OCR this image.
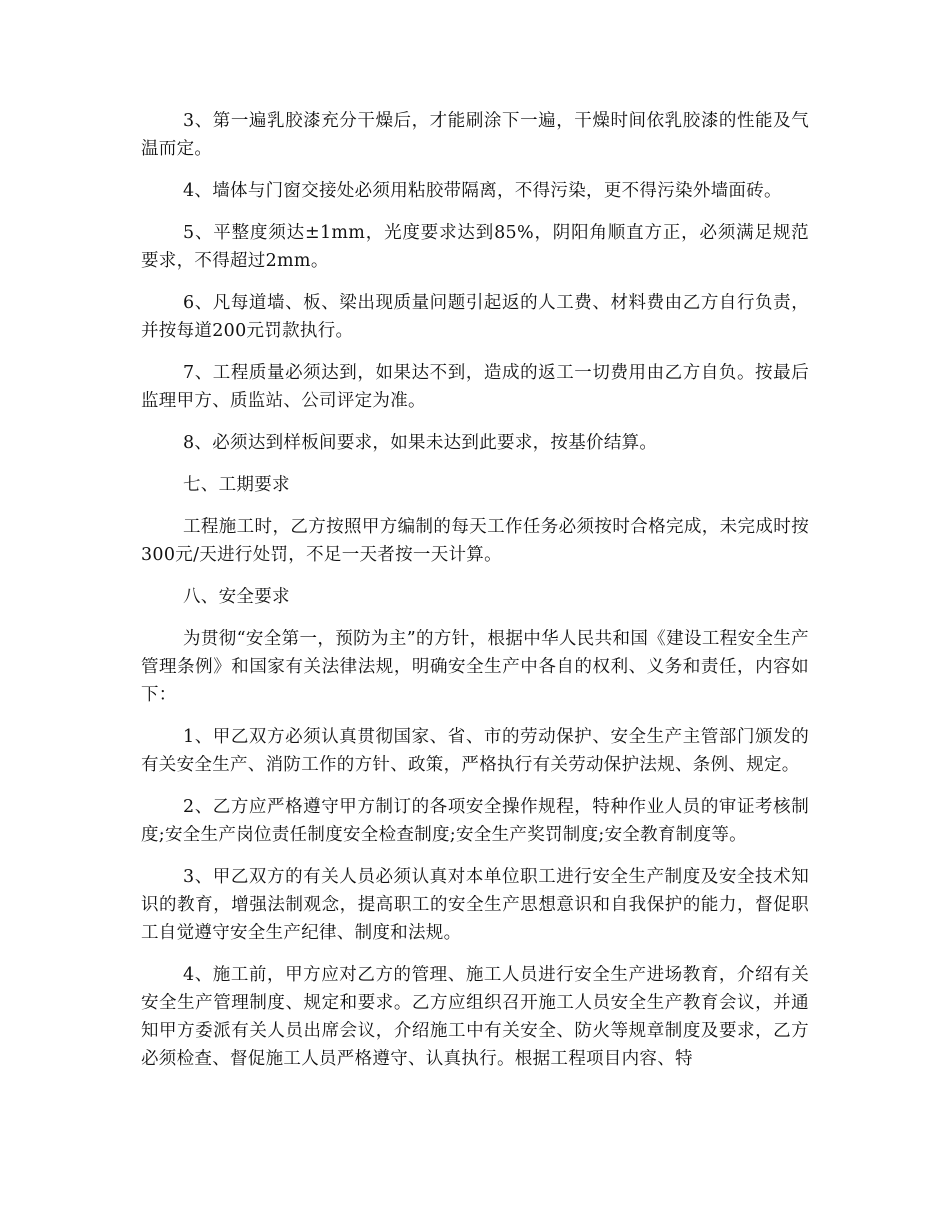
3、第一遍乳胶漆充分干燥后，才能刷涂下一遍，干燥时间依乳胶漆的性能及气温而定。

4、墙体与门窗交接处必须用粘胶带隔离，不得污染，更不得污染外墙面砖。

5、平整度须达±1mm，光度要求达到85%，阴阳角顺直方正，必须满足规范要求，不得超过2mm。

6、凡每道墙、板、梁出现质量问题引起返的人工费、材料费由乙方自行负责，并按每道200元罚款执行。

7、工程质量必须达到，如果达不到，造成的返工一切费用由乙方自负。按最后监理甲方、质监站、公司评定为准。

8、必须达到样板间要求，如果未达到此要求，按基价结算。

七、工期要求

工程施工时，乙方按照甲方编制的每天工作任务必须按时合格完成，未完成时按300元/天进行处罚，不足一天者按一天计算。

八、安全要求

为贯彻“安全第一，预防为主”的方针，根据中华人民共和国《建设工程安全生产管理条例》和国家有关法律法规，明确安全生产中各自的权利、义务和责任，内容如下：

1、甲乙双方必须认真贯彻国家、省、市的劳动保护、安全生产主管部门颁发的有关安全生产、消防工作的方针、政策，严格执行有关劳动保护法规、条例、规定。

2、乙方应严格遵守甲方制订的各项安全操作规程，特种作业人员的审证考核制度;安全生产岗位责任制度安全检查制度;安全生产奖罚制度;安全教育制度等。

3、甲乙双方的有关人员必须认真对本单位职工进行安全生产制度及安全技术知识的教育，增强法制观念，提高职工的安全生产思想意识和自我保护的能力，督促职工自觉遵守安全生产纪律、制度和法规。

4、施工前，甲方应对乙方的管理、施工人员进行安全生产进场教育，介绍有关安全生产管理制度、规定和要求。乙方应组织召开施工人员安全生产教育会议，并通知甲方委派有关人员出席会议，介绍施工中有关安全、防火等规章制度及要求，乙方必须检查、督促施工人员严格遵守、认真执行。根据工程项目内容、特
